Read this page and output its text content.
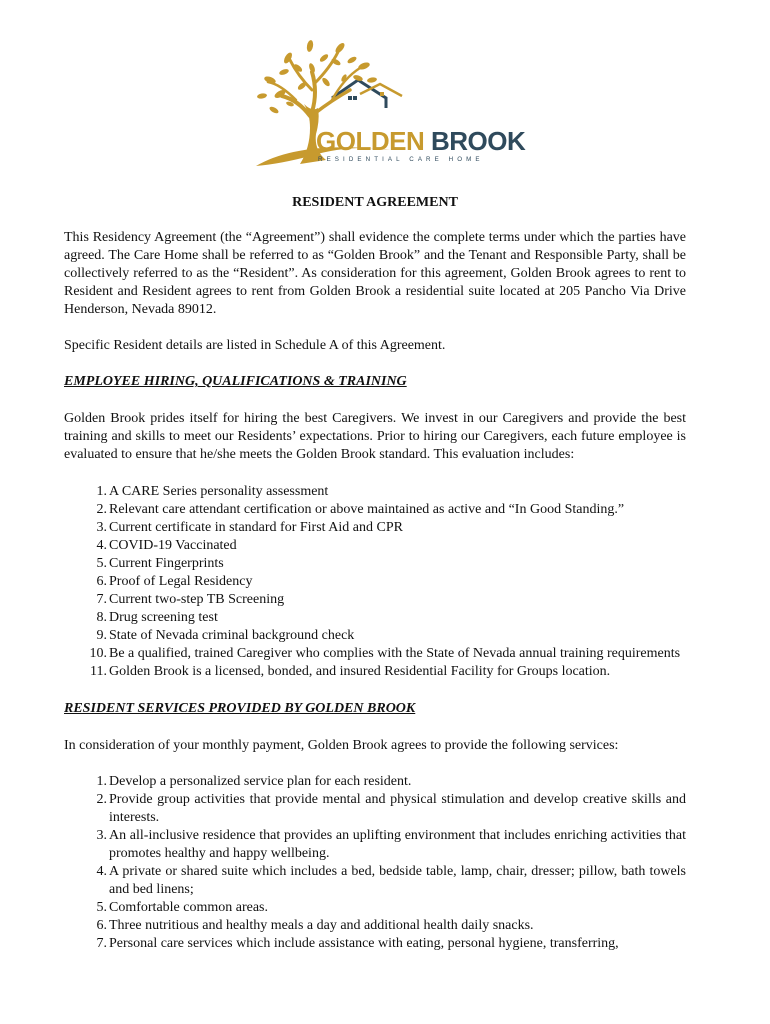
GOLDEN BROOK
RESIDENTIAL CARE HOME
RESIDENT AGREEMENT

This Residency Agreement (the “Agreement”) shall evidence the complete terms under which the parties have agreed. The Care Home shall be referred to as “Golden Brook” and the Tenant and Responsible Party, shall be collectively referred to as the “Resident”. As consideration for this agreement, Golden Brook agrees to rent to Resident and Resident agrees to rent from Golden Brook a residential suite located at 205 Pancho Via Drive Henderson, Nevada 89012.

Specific Resident details are listed in Schedule A of this Agreement.

EMPLOYEE HIRING, QUALIFICATIONS & TRAINING

Golden Brook prides itself for hiring the best Caregivers. We invest in our Caregivers and provide the best training and skills to meet our Residents’ expectations. Prior to hiring our Caregivers, each future employee is evaluated to ensure that he/she meets the Golden Brook standard. This evaluation includes:

1. A CARE Series personality assessment
2. Relevant care attendant certification or above maintained as active and “In Good Standing.”
3. Current certificate in standard for First Aid and CPR
4. COVID-19 Vaccinated
5. Current Fingerprints
6. Proof of Legal Residency
7. Current two-step TB Screening
8. Drug screening test
9. State of Nevada criminal background check
10. Be a qualified, trained Caregiver who complies with the State of Nevada annual training requirements
11. Golden Brook is a licensed, bonded, and insured Residential Facility for Groups location.
RESIDENT SERVICES PROVIDED BY GOLDEN BROOK

In consideration of your monthly payment, Golden Brook agrees to provide the following services:

1. Develop a personalized service plan for each resident.
2. Provide group activities that provide mental and physical stimulation and develop creative skills and interests.
3. An all-inclusive residence that provides an uplifting environment that includes enriching activities that promotes healthy and happy wellbeing.
4. A private or shared suite which includes a bed, bedside table, lamp, chair, dresser; pillow, bath towels and bed linens;
5. Comfortable common areas.
6. Three nutritious and healthy meals a day and additional health daily snacks.
7. Personal care services which include assistance with eating, personal hygiene, transferring,
